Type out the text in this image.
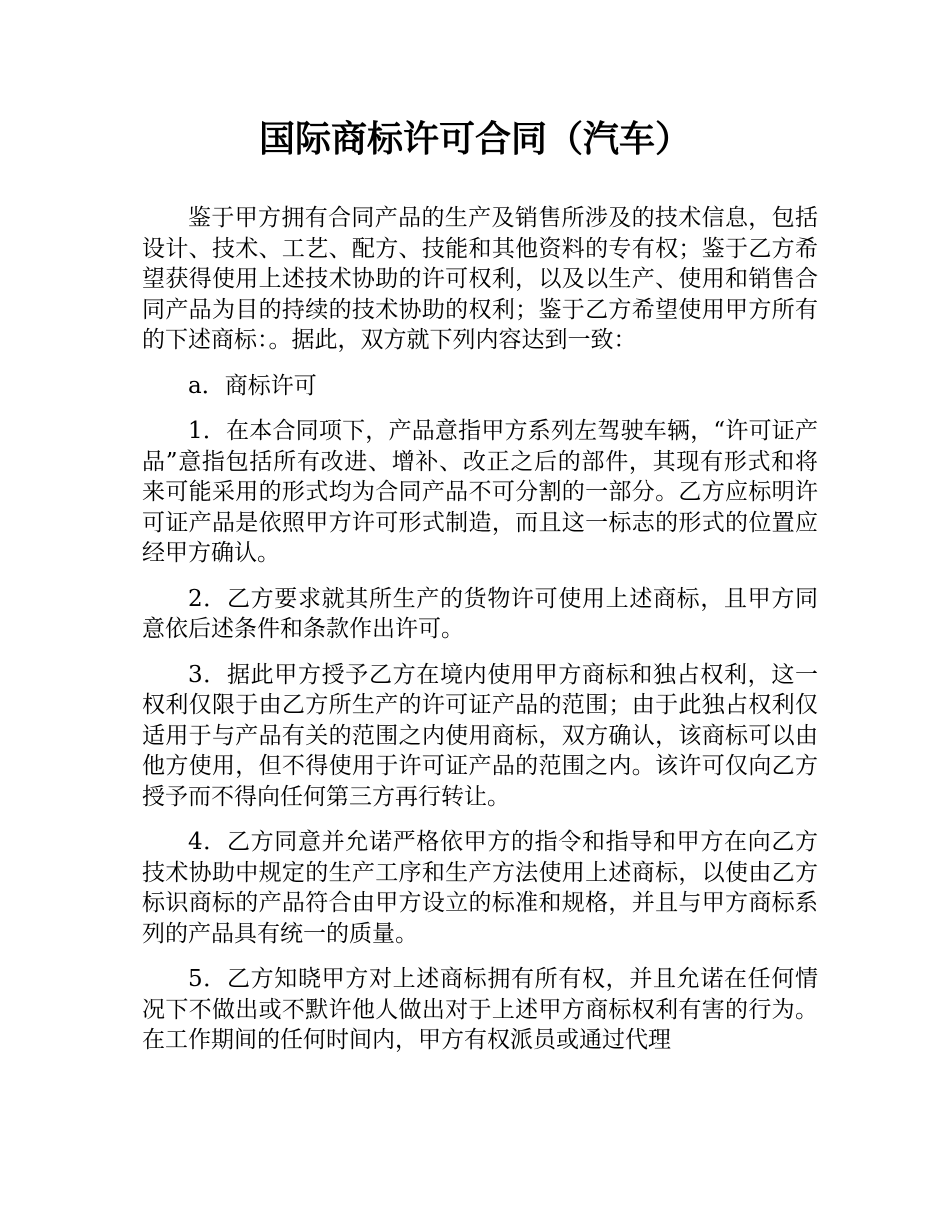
国际商标许可合同（汽车）

鉴于甲方拥有合同产品的生产及销售所涉及的技术信息，包括设计、技术、工艺、配方、技能和其他资料的专有权；鉴于乙方希望获得使用上述技术协助的许可权利，以及以生产、使用和销售合同产品为目的持续的技术协助的权利；鉴于乙方希望使用甲方所有的下述商标：。据此，双方就下列内容达到一致：

a．商标许可

1．在本合同项下，产品意指甲方系列左驾驶车辆，“许可证产品”意指包括所有改进、增补、改正之后的部件，其现有形式和将来可能采用的形式均为合同产品不可分割的一部分。乙方应标明许可证产品是依照甲方许可形式制造，而且这一标志的形式的位置应经甲方确认。

2．乙方要求就其所生产的货物许可使用上述商标，且甲方同意依后述条件和条款作出许可。

3．据此甲方授予乙方在境内使用甲方商标和独占权利，这一权利仅限于由乙方所生产的许可证产品的范围；由于此独占权利仅适用于与产品有关的范围之内使用商标，双方确认，该商标可以由他方使用，但不得使用于许可证产品的范围之内。该许可仅向乙方授予而不得向任何第三方再行转让。

4．乙方同意并允诺严格依甲方的指令和指导和甲方在向乙方技术协助中规定的生产工序和生产方法使用上述商标，以使由乙方标识商标的产品符合由甲方设立的标准和规格，并且与甲方商标系列的产品具有统一的质量。

5．乙方知晓甲方对上述商标拥有所有权，并且允诺在任何情况下不做出或不默许他人做出对于上述甲方商标权利有害的行为。在工作期间的任何时间内，甲方有权派员或通过代理
